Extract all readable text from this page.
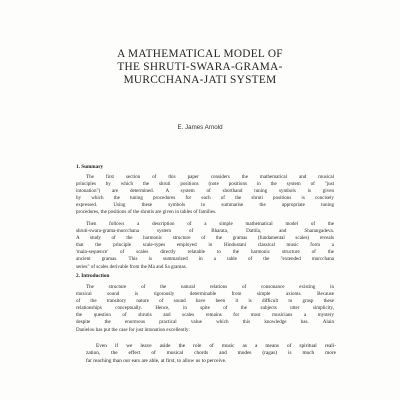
A MATHEMATICAL MODEL OF
THE SHRUTI-SWARA-GRAMA-
MURCCHANA-JATI SYSTEM
E. James Arnold
1. Summary
The first section of this paper considers the mathematical and musical
principles by which the shruti positions (note positions in the system of "just
intonation") are determined. A system of shorthand tuning symbols is given
by which the tuning procedures for each of the shruti positions is concisely
expressed. Using these symbols to summarise the appropriate tuning
procedures, the positions of the shrutis are given in tables of families.
Then follows a description of a simple mathematical model of the
shruti-swara-grama-murcchana system of Bharata, Dattila, and Sharangadeva.
A study of the harmonic structure of the gramas (fundamental scales) reveals
that the principle scale-types employed in Hindustani classical music form a
'main-sequence' of scales directly relatable to the harmonic structure of the
ancient gramas. This is summarized in a table of the "extended murcchana
series" of scales derivable from the Ma and Sa gramas.
2. Introduction
The structure of the natural relations of consonance existing in
musical sound is rigorously determinable from simple axioms. Because
of the transitory nature of sound have been it is difficult to grasp these
relationships conceptually. Hence, in spite of the subjects utter simplicity,
the question of shrutis and scales remains for most musicians a mystery
despite the enormous practical value which this knowledge has. Alain
Danielou has put the case for just intonation excellently:
Even if we leave aside the role of music as a means of spiritual reali-
zation, the effect of musical chords and modes (ragas) is much more
far reaching than our ears are able, at first, to allow us to perceive.
